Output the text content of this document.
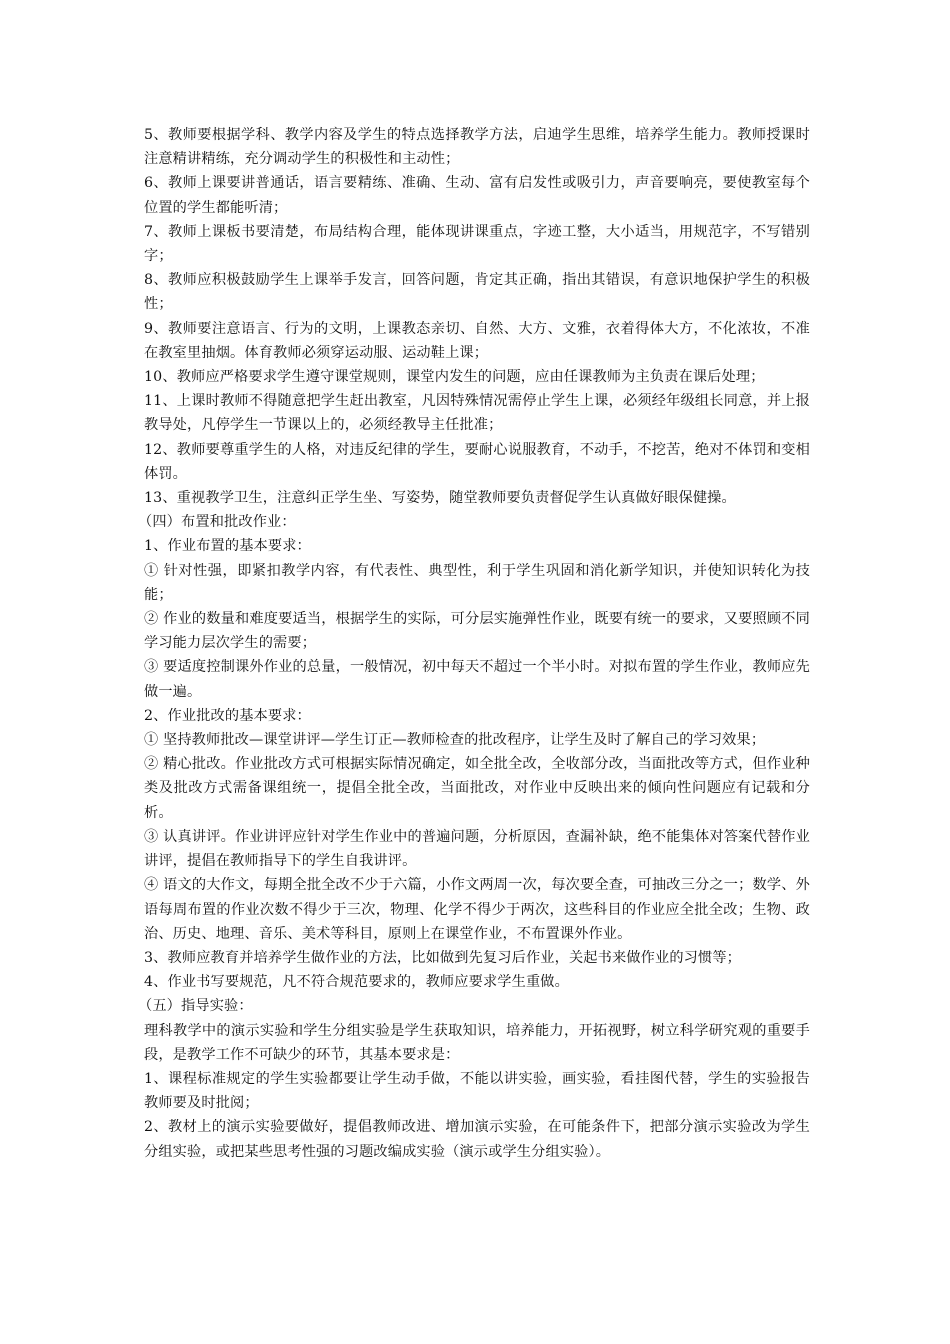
5、教师要根据学科、教学内容及学生的特点选择教学方法，启迪学生思维，培养学生能力。教师授课时注意精讲精练，充分调动学生的积极性和主动性；

6、教师上课要讲普通话，语言要精练、准确、生动、富有启发性或吸引力，声音要响亮，要使教室每个位置的学生都能听清；

7、教师上课板书要清楚，布局结构合理，能体现讲课重点，字迹工整，大小适当，用规范字，不写错别字；

8、教师应积极鼓励学生上课举手发言，回答问题，肯定其正确，指出其错误，有意识地保护学生的积极性；

9、教师要注意语言、行为的文明，上课教态亲切、自然、大方、文雅，衣着得体大方，不化浓妆，不准在教室里抽烟。体育教师必须穿运动服、运动鞋上课；

10、教师应严格要求学生遵守课堂规则，课堂内发生的问题，应由任课教师为主负责在课后处理；

11、上课时教师不得随意把学生赶出教室，凡因特殊情况需停止学生上课，必须经年级组长同意，并上报教导处，凡停学生一节课以上的，必须经教导主任批准；

12、教师要尊重学生的人格，对违反纪律的学生，要耐心说服教育，不动手，不挖苦，绝对不体罚和变相体罚。

13、重视教学卫生，注意纠正学生坐、写姿势，随堂教师要负责督促学生认真做好眼保健操。

（四）布置和批改作业：

1、作业布置的基本要求：

① 针对性强，即紧扣教学内容，有代表性、典型性，利于学生巩固和消化新学知识，并使知识转化为技能；

② 作业的数量和难度要适当，根据学生的实际，可分层实施弹性作业，既要有统一的要求，又要照顾不同学习能力层次学生的需要；

③ 要适度控制课外作业的总量，一般情况，初中每天不超过一个半小时。对拟布置的学生作业，教师应先做一遍。

2、作业批改的基本要求：

① 坚持教师批改—课堂讲评—学生订正—教师检查的批改程序，让学生及时了解自己的学习效果；

② 精心批改。作业批改方式可根据实际情况确定，如全批全改，全收部分改，当面批改等方式，但作业种类及批改方式需备课组统一，提倡全批全改，当面批改，对作业中反映出来的倾向性问题应有记载和分析。

③ 认真讲评。作业讲评应针对学生作业中的普遍问题，分析原因，查漏补缺，绝不能集体对答案代替作业讲评，提倡在教师指导下的学生自我讲评。

④ 语文的大作文，每期全批全改不少于六篇，小作文两周一次，每次要全查，可抽改三分之一；数学、外语每周布置的作业次数不得少于三次，物理、化学不得少于两次，这些科目的作业应全批全改；生物、政治、历史、地理、音乐、美术等科目，原则上在课堂作业，不布置课外作业。

3、教师应教育并培养学生做作业的方法，比如做到先复习后作业，关起书来做作业的习惯等；

4、作业书写要规范，凡不符合规范要求的，教师应要求学生重做。

（五）指导实验：

理科教学中的演示实验和学生分组实验是学生获取知识，培养能力，开拓视野，树立科学研究观的重要手段，是教学工作不可缺少的环节，其基本要求是：

1、课程标准规定的学生实验都要让学生动手做，不能以讲实验，画实验，看挂图代替，学生的实验报告教师要及时批阅；

2、教材上的演示实验要做好，提倡教师改进、增加演示实验，在可能条件下，把部分演示实验改为学生分组实验，或把某些思考性强的习题改编成实验（演示或学生分组实验）。
